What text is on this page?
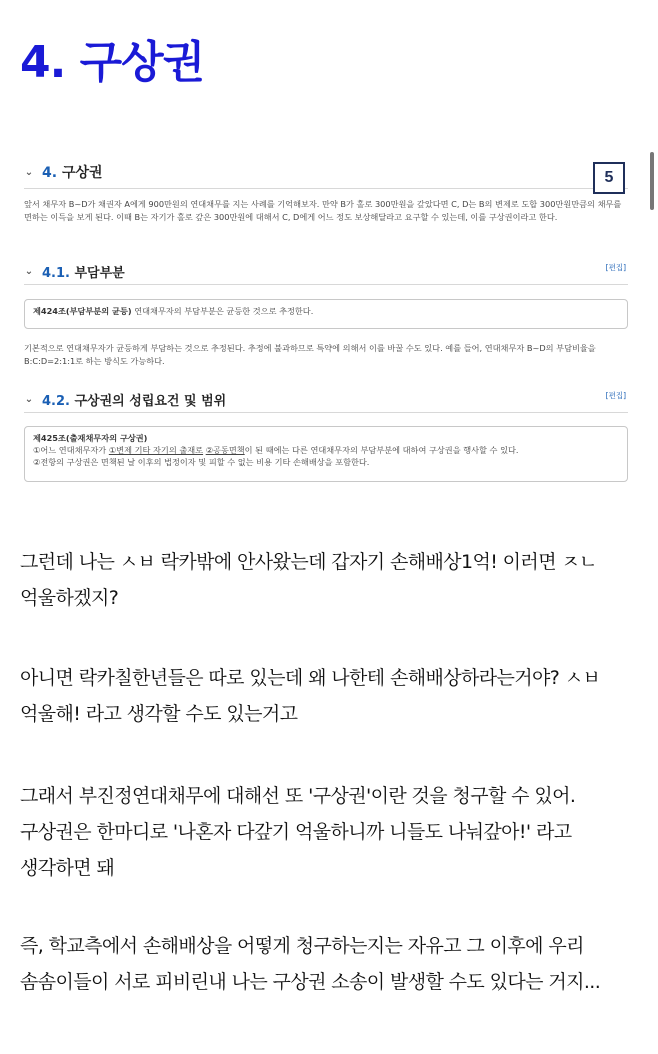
4. 구상권
⌄ 4. 구상권

앞서 채무자 B~D가 채권자 A에게 900만원의 연대채무를 지는 사례를 기억해보자. 만약 B가 홀로 300만원을 갚았다면 C, D는 B의 변제로 도합 300만원만큼의 채무를 면하는 이득을 보게 된다. 이때 B는 자기가 홀로 갚은 300만원에 대해서 C, D에게 어느 정도 보상해달라고 요구할 수 있는데, 이를 구상권이라고 한다.

⌄ 4.1. 부담부분	[편집]
제424조(부담부분의 균등) 연대채무자의 부담부분은 균등한 것으로 추정한다.

기본적으로 연대채무자가 균등하게 부담하는 것으로 추정된다. 추정에 불과하므로 특약에 의해서 이를 바꿀 수도 있다. 예를 들어, 연대채무자 B~D의 부담비율을 B:C:D=2:1:1로 하는 방식도 가능하다.

⌄ 4.2. 구상권의 성립요건 및 범위	[편집]
제425조(출재채무자의 구상권)
①어느 연대채무자가 ①변제 기타 자기의 출재로 ②공동면책이 된 때에는 다른 연대채무자의 부담부분에 대하여 구상권을 행사할 수 있다.
②전항의 구상권은 면책된 날 이후의 법정이자 및 피할 수 없는 비용 기타 손해배상을 포함한다.
5

그런데 나는 ㅅㅂ 락카밖에 안사왔는데 갑자기 손해배상1억! 이러면 ㅈㄴ 억울하겠지?

아니면 락카칠한년들은 따로 있는데 왜 나한테 손해배상하라는거야? ㅅㅂ 억울해! 라고 생각할 수도 있는거고

그래서 부진정연대채무에 대해선 또 '구상권'이란 것을 청구할 수 있어. 구상권은 한마디로 '나혼자 다갚기 억울하니까 니들도 나눠갚아!' 라고 생각하면 돼

즉, 학교측에서 손해배상을 어떻게 청구하는지는 자유고 그 이후에 우리 솜솜이들이 서로 피비린내 나는 구상권 소송이 발생할 수도 있다는 거지...
